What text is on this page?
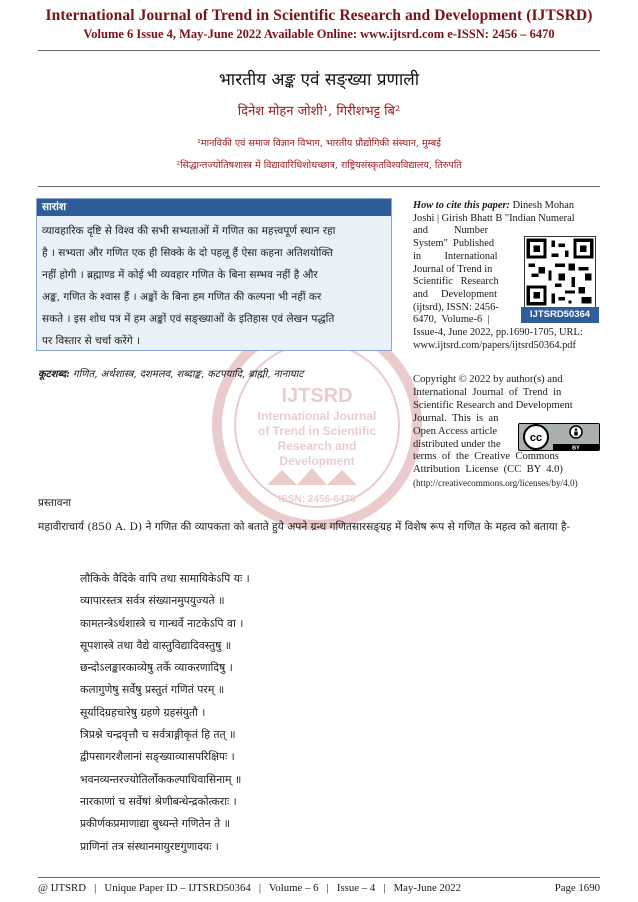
International Journal of Trend in Scientific Research and Development (IJTSRD)
Volume 6 Issue 4, May-June 2022 Available Online: www.ijtsrd.com e-ISSN: 2456 – 6470
भारतीय अङ्क एवं सङ्ख्या प्रणाली
दिनेश मोहन जोशी¹, गिरीशभट्ट बि²
¹मानविकी एवं समाज विज्ञान विभाग, भारतीय प्रौद्योगिकी संस्थान, मुम्बई
²सिद्धान्तज्योतिषशास्त्र में विद्यावारिधिशोधच्छात्र, राष्ट्रियसंस्कृतविश्वविद्यालय, तिरुपति
IJTSRD
International Journal
of Trend in Scientific
Research and
Development
ISSN: 2456-6470
सारांश
व्यावहारिक दृष्टि से विश्व की सभी सभ्यताओं में गणित का महत्त्वपूर्ण स्थान रहा
है । सभ्यता और गणित एक ही सिक्के के दो पहलू हैं ऐसा कहना अतिशयोक्ति
नहीं होगी । ब्रह्माण्ड में कोई भी व्यवहार गणित के बिना सम्भव नहीं है और
अङ्क, गणित के श्वास हैं । अङ्कों के बिना हम गणित की कल्पना भी नहीं कर
सकते । इस शोध पत्र में हम अङ्कों एवं सङ्ख्याओं के इतिहास एवं लेखन पद्धति
पर विस्तार से चर्चा करेंगे ।
कूटशब्द: गणित, अर्थशास्त्र, दशमलव, शब्दाङ्क, कटपयादि, ब्राह्मी, नानाघाट
How to cite this paper: Dinesh Mohan
Joshi | Girish Bhatt B "Indian Numeral
and          Number
System"  Published
in         International
Journal of Trend in
Scientific   Research
and     Development
(ijtsrd), ISSN: 2456-
6470,  Volume-6  |
Issue-4, June 2022, pp.1690-1705, URL:
www.ijtsrd.com/papers/ijtsrd50364.pdf
IJTSRD50364
Copyright © 2022 by author(s) and
International  Journal  of  Trend  in
Scientific Research and Development
Journal.  This  is  an
Open Access article
distributed under the
terms  of  the  Creative  Commons
Attribution  License  (CC  BY  4.0)
(http://creativecommons.org/licenses/by/4.0)
cc
BY
प्रस्तावना
महावीराचार्य (850 A. D) ने गणित की व्यापकता को बताते हुये अपने ग्रन्थ गणितसारसङ्ग्रह में विशेष रूप से गणित के महत्व को बताया है-
लौकिके वैदिके वापि तथा सामायिकेऽपि यः ।
व्यापारस्तत्र सर्वत्र संख्यानमुपयुज्यते ॥
कामतन्त्रेऽर्थशास्त्रे च गान्धर्वे नाटकेऽपि वा ।
सूपशास्त्रे तथा वैद्ये वास्तुविद्यादिवस्तुषु ॥
छन्दोऽलङ्कारकाव्येषु तर्के व्याकरणादिषु ।
कलागुणेषु सर्वेषु प्रस्तुतं गणितं परम् ॥
सूर्यादिग्रहचारेषु ग्रहणे ग्रहसंयुतौ ।
त्रिप्रश्ने चन्द्रवृत्तौ च सर्वत्राङ्गीकृतं हि तत् ॥
द्वीपसागरशैलानां सङ्ख्याव्यासपरिक्षिपः ।
भवनव्यन्तरज्योतिर्लोककल्पाधिवासिनाम् ॥
नारकाणां च सर्वेषां श्रेणीबन्धेन्द्रकोत्कराः ।
प्रकीर्णकप्रमाणाद्या बुध्यन्ते गणितेन ते ॥
प्राणिनां तत्र संस्थानमायुरष्टगुणादयः ।
@ IJTSRD   |   Unique Paper ID – IJTSRD50364   |   Volume – 6   |   Issue – 4   |   May-June 2022	Page 1690
